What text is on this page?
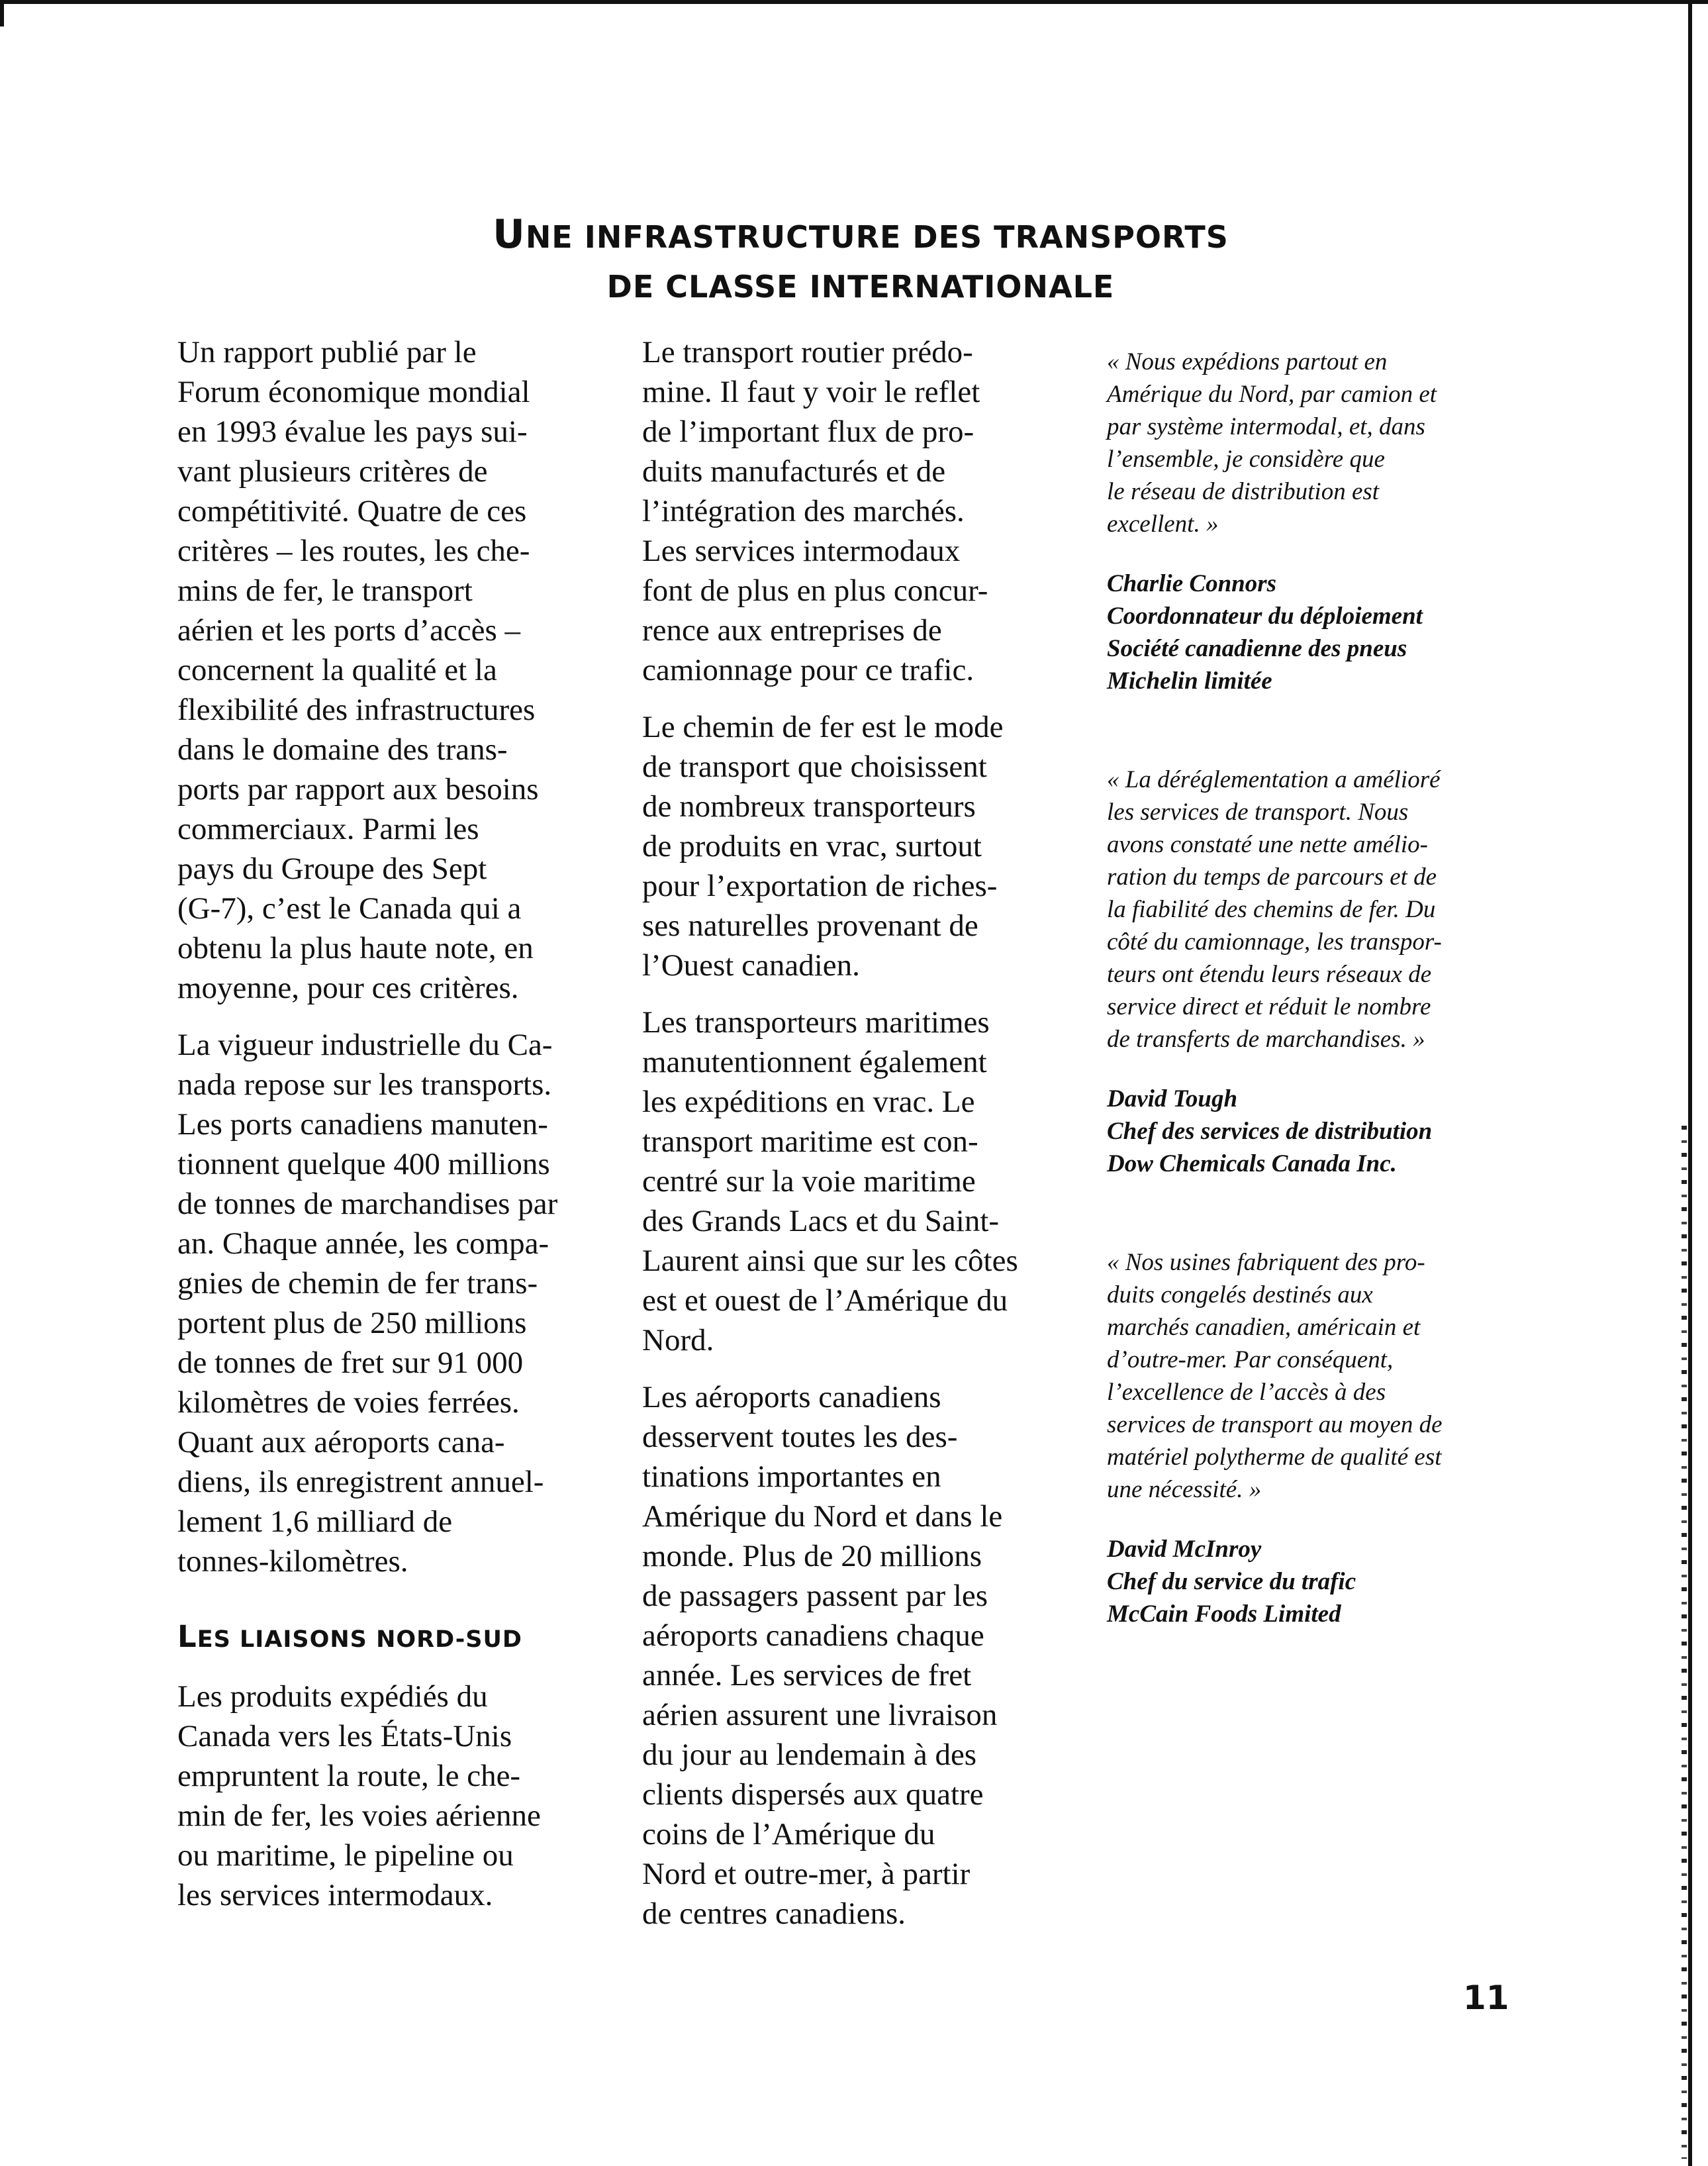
UNE INFRASTRUCTURE DES TRANSPORTS
DE CLASSE INTERNATIONALE

Un rapport publié par le
Forum économique mondial
en 1993 évalue les pays sui-
vant plusieurs critères de
compétitivité. Quatre de ces
critères – les routes, les che-
mins de fer, le transport
aérien et les ports d’accès –
concernent la qualité et la
flexibilité des infrastructures
dans le domaine des trans-
ports par rapport aux besoins
commerciaux. Parmi les
pays du Groupe des Sept
(G-7), c’est le Canada qui a
obtenu la plus haute note, en
moyenne, pour ces critères.

La vigueur industrielle du Ca-
nada repose sur les transports.
Les ports canadiens manuten-
tionnent quelque 400 millions
de tonnes de marchandises par
an. Chaque année, les compa-
gnies de chemin de fer trans-
portent plus de 250 millions
de tonnes de fret sur 91 000
kilomètres de voies ferrées.
Quant aux aéroports cana-
diens, ils enregistrent annuel-
lement 1,6 milliard de
tonnes-kilomètres.

LES LIAISONS NORD-SUD

Les produits expédiés du
Canada vers les États-Unis
empruntent la route, le che-
min de fer, les voies aérienne
ou maritime, le pipeline ou
les services intermodaux.

Le transport routier prédo-
mine. Il faut y voir le reflet
de l’important flux de pro-
duits manufacturés et de
l’intégration des marchés.
Les services intermodaux
font de plus en plus concur-
rence aux entreprises de
camionnage pour ce trafic.

Le chemin de fer est le mode
de transport que choisissent
de nombreux transporteurs
de produits en vrac, surtout
pour l’exportation de riches-
ses naturelles provenant de
l’Ouest canadien.

Les transporteurs maritimes
manutentionnent également
les expéditions en vrac. Le
transport maritime est con-
centré sur la voie maritime
des Grands Lacs et du Saint-
Laurent ainsi que sur les côtes
est et ouest de l’Amérique du
Nord.

Les aéroports canadiens
desservent toutes les des-
tinations importantes en
Amérique du Nord et dans le
monde. Plus de 20 millions
de passagers passent par les
aéroports canadiens chaque
année. Les services de fret
aérien assurent une livraison
du jour au lendemain à des
clients dispersés aux quatre
coins de l’Amérique du
Nord et outre-mer, à partir
de centres canadiens.

« Nous expédions partout en
Amérique du Nord, par camion et
par système intermodal, et, dans
l’ensemble, je considère que
le réseau de distribution est
excellent. »

Charlie Connors
Coordonnateur du déploiement
Société canadienne des pneus
Michelin limitée

« La déréglementation a amélioré
les services de transport. Nous
avons constaté une nette amélio-
ration du temps de parcours et de
la fiabilité des chemins de fer. Du
côté du camionnage, les transpor-
teurs ont étendu leurs réseaux de
service direct et réduit le nombre
de transferts de marchandises. »

David Tough
Chef des services de distribution
Dow Chemicals Canada Inc.

« Nos usines fabriquent des pro-
duits congelés destinés aux
marchés canadien, américain et
d’outre-mer. Par conséquent,
l’excellence de l’accès à des
services de transport au moyen de
matériel polytherme de qualité est
une nécessité. »

David McInroy
Chef du service du trafic
McCain Foods Limited

11
